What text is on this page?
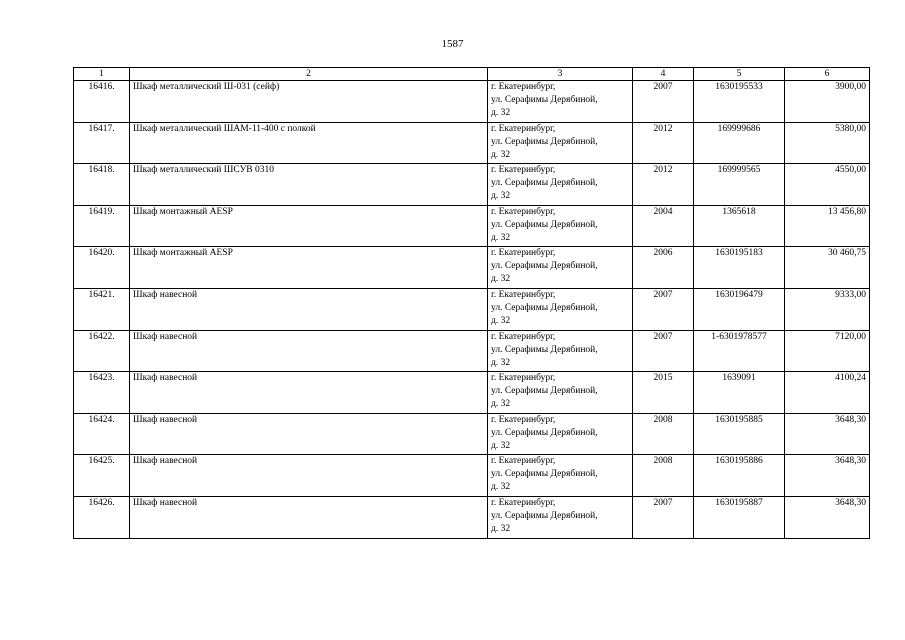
1587
1	2	3	4	5	6
16416.	Шкаф металлический Ш-031 (сейф)	г. Екатеринбург,
ул. Серафимы Дерябиной,
д. 32	2007	1630195533	3900,00
16417.	Шкаф металлический ШАМ-11-400 с полкой	г. Екатеринбург,
ул. Серафимы Дерябиной,
д. 32	2012	169999686	5380,00
16418.	Шкаф металлический ШСУВ 0310	г. Екатеринбург,
ул. Серафимы Дерябиной,
д. 32	2012	169999565	4550,00
16419.	Шкаф монтажный AESP	г. Екатеринбург,
ул. Серафимы Дерябиной,
д. 32	2004	1365618	13 456,80
16420.	Шкаф монтажный AESP	г. Екатеринбург,
ул. Серафимы Дерябиной,
д. 32	2006	1630195183	30 460,75
16421.	Шкаф навесной	г. Екатеринбург,
ул. Серафимы Дерябиной,
д. 32	2007	1630196479	9333,00
16422.	Шкаф навесной	г. Екатеринбург,
ул. Серафимы Дерябиной,
д. 32	2007	1-6301978577	7120,00
16423.	Шкаф навесной	г. Екатеринбург,
ул. Серафимы Дерябиной,
д. 32	2015	1639091	4100,24
16424.	Шкаф навесной	г. Екатеринбург,
ул. Серафимы Дерябиной,
д. 32	2008	1630195885	3648,30
16425.	Шкаф навесной	г. Екатеринбург,
ул. Серафимы Дерябиной,
д. 32	2008	1630195886	3648,30
16426.	Шкаф навесной	г. Екатеринбург,
ул. Серафимы Дерябиной,
д. 32	2007	1630195887	3648,30
